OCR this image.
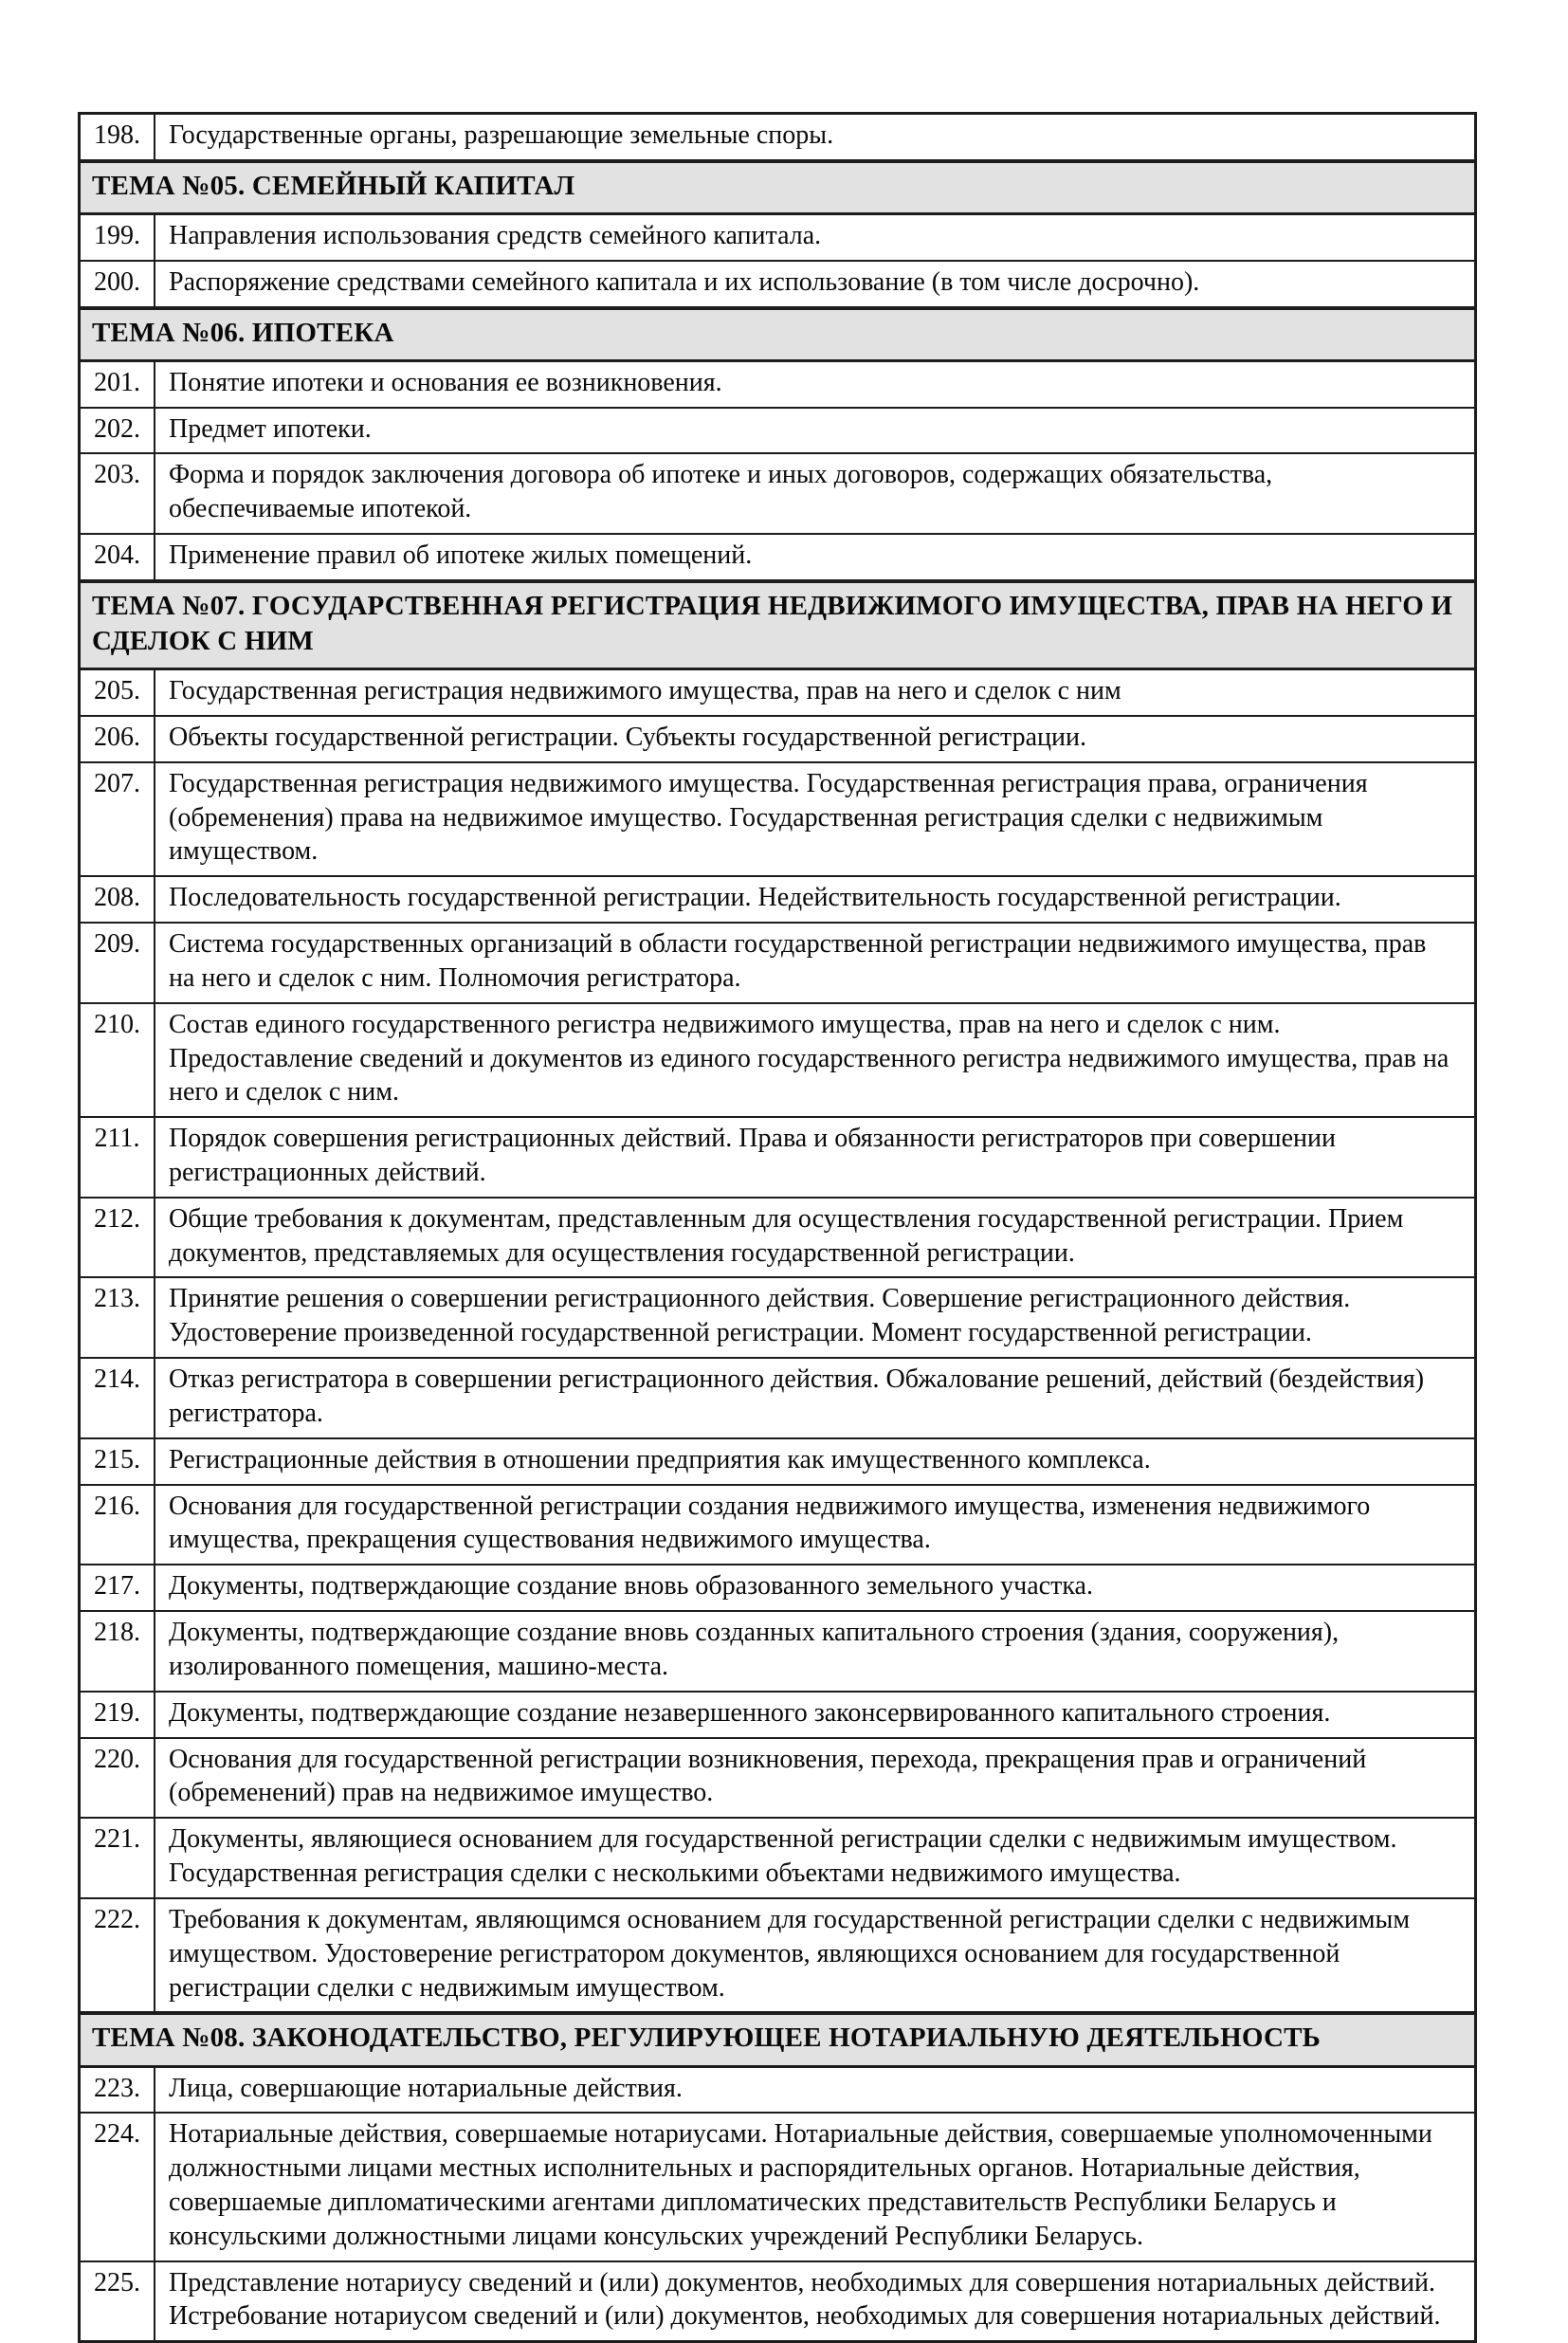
198.	Государственные органы, разрешающие земельные споры.
ТЕМА №05. СЕМЕЙНЫЙ КАПИТАЛ	
199.	Направления использования средств семейного капитала.
200.	Распоряжение средствами семейного капитала и их использование (в том числе досрочно).
ТЕМА №06. ИПОТЕКА	
201.	Понятие ипотеки и основания ее возникновения.
202.	Предмет ипотеки.
203.	Форма и порядок заключения договора об ипотеке и иных договоров, содержащих обязательства, обеспечиваемые ипотекой.
204.	Применение правил об ипотеке жилых помещений.
ТЕМА №07. ГОСУДАРСТВЕННАЯ РЕГИСТРАЦИЯ НЕДВИЖИМОГО ИМУЩЕСТВА, ПРАВ НА НЕГО И СДЕЛОК С НИМ	
205.	Государственная регистрация недвижимого имущества, прав на него и сделок с ним
206.	Объекты государственной регистрации. Субъекты государственной регистрации.
207.	Государственная регистрация недвижимого имущества. Государственная регистрация права, ограничения (обременения) права на недвижимое имущество. Государственная регистрация сделки с недвижимым имуществом.
208.	Последовательность государственной регистрации. Недействительность государственной регистрации.
209.	Система государственных организаций в области государственной регистрации недвижимого имущества, прав на него и сделок с ним. Полномочия регистратора.
210.	Состав единого государственного регистра недвижимого имущества, прав на него и сделок с ним. Предоставление сведений и документов из единого государственного регистра недвижимого имущества, прав на него и сделок с ним.
211.	Порядок совершения регистрационных действий. Права и обязанности регистраторов при совершении регистрационных действий.
212.	Общие требования к документам, представленным для осуществления государственной регистрации. Прием документов, представляемых для осуществления государственной регистрации.
213.	Принятие решения о совершении регистрационного действия. Совершение регистрационного действия. Удостоверение произведенной государственной регистрации. Момент государственной регистрации.
214.	Отказ регистратора в совершении регистрационного действия. Обжалование решений, действий (бездействия) регистратора.
215.	Регистрационные действия в отношении предприятия как имущественного комплекса.
216.	Основания для государственной регистрации создания недвижимого имущества, изменения недвижимого имущества, прекращения существования недвижимого имущества.
217.	Документы, подтверждающие создание вновь образованного земельного участка.
218.	Документы, подтверждающие создание вновь созданных капитального строения (здания, сооружения), изолированного помещения, машино-места.
219.	Документы, подтверждающие создание незавершенного законсервированного капитального строения.
220.	Основания для государственной регистрации возникновения, перехода, прекращения прав и ограничений (обременений) прав на недвижимое имущество.
221.	Документы, являющиеся основанием для государственной регистрации сделки с недвижимым имуществом. Государственная регистрация сделки с несколькими объектами недвижимого имущества.
222.	Требования к документам, являющимся основанием для государственной регистрации сделки с недвижимым имуществом. Удостоверение регистратором документов, являющихся основанием для государственной регистрации сделки с недвижимым имуществом.
ТЕМА №08. ЗАКОНОДАТЕЛЬСТВО, РЕГУЛИРУЮЩЕЕ НОТАРИАЛЬНУЮ ДЕЯТЕЛЬНОСТЬ	
223.	Лица, совершающие нотариальные действия.
224.	Нотариальные действия, совершаемые нотариусами. Нотариальные действия, совершаемые уполномоченными должностными лицами местных исполнительных и распорядительных органов. Нотариальные действия, совершаемые дипломатическими агентами дипломатических представительств Республики Беларусь и консульскими должностными лицами консульских учреждений Республики Беларусь.
225.	Представление нотариусу сведений и (или) документов, необходимых для совершения нотариальных действий. Истребование нотариусом сведений и (или) документов, необходимых для совершения нотариальных действий.
